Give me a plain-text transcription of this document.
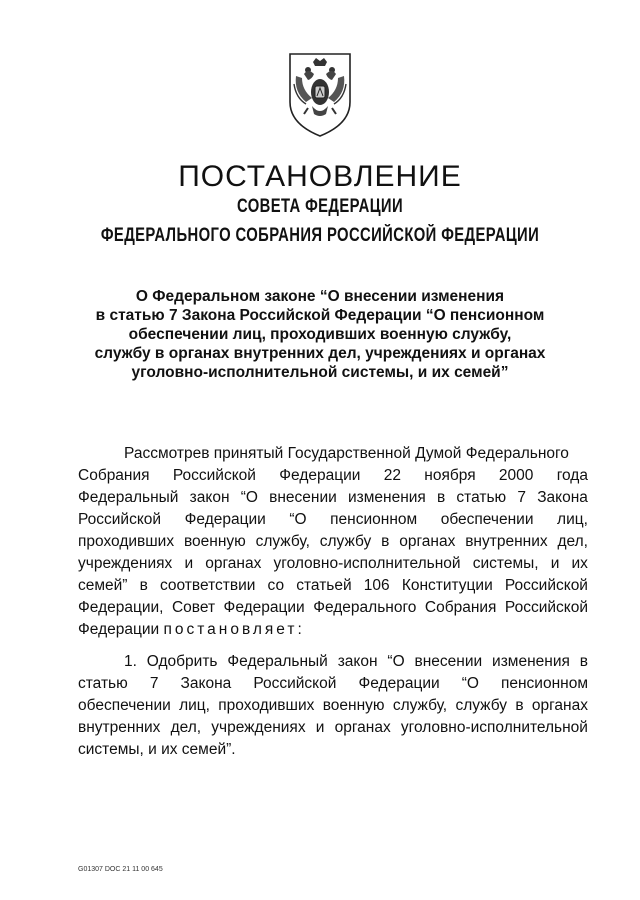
ПОСТАНОВЛЕНИЕ
СОВЕТА ФЕДЕРАЦИИ
ФЕДЕРАЛЬНОГО СОБРАНИЯ РОССИЙСКОЙ ФЕДЕРАЦИИ
О Федеральном законе “О внесении изменения
в статью 7 Закона Российской Федерации “О пенсионном
обеспечении лиц, проходивших военную службу,
службу в органах внутренних дел, учреждениях и органах
уголовно-исполнительной системы, и их семей”
Рассмотрев принятый Государственной Думой Федерального
Собрания Российской Федерации 22 ноября 2000 года
Федеральный закон “О внесении изменения в статью 7 Закона
Российской Федерации “О пенсионном обеспечении лиц,
проходивших военную службу, службу в органах внутренних дел,
учреждениях и органах уголовно-исполнительной системы, и их
семей” в соответствии со статьей 106 Конституции Российской
Федерации, Совет Федерации Федерального Собрания Российской
Федерации постановляет:
1. Одобрить Федеральный закон “О внесении изменения в
статью 7 Закона Российской Федерации “О пенсионном
обеспечении лиц, проходивших военную службу, службу в органах
внутренних дел, учреждениях и органах уголовно-исполнительной
системы, и их семей”.
G01307 DOC 21 11 00 645
